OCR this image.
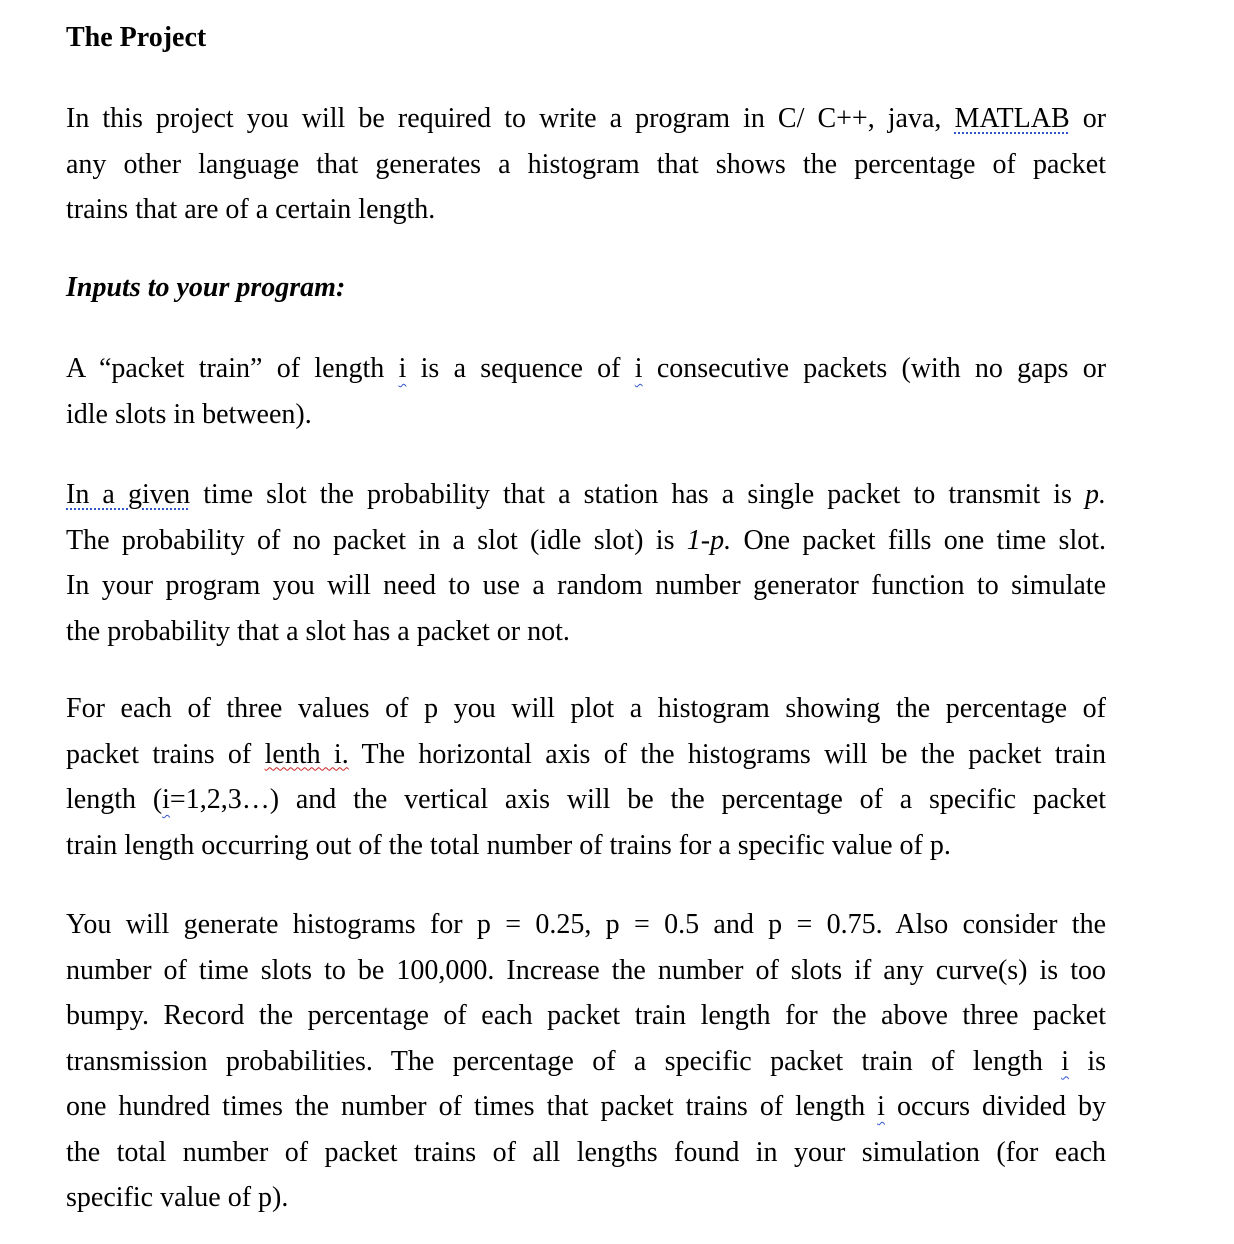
The Project
In this project you will be required to write a program in C/ C++, java, MATLAB or
any other language that generates a histogram that shows the percentage of packet
trains that are of a certain length.
Inputs to your program:
A “packet train” of length i is a sequence of i consecutive packets (with no gaps or
idle slots in between).
In a given time slot the probability that a station has a single packet to transmit is p.
The probability of no packet in a slot (idle slot) is 1-p. One packet fills one time slot.
In your program you will need to use a random number generator function to simulate
the probability that a slot has a packet or not.
For each of three values of p you will plot a histogram showing the percentage of
packet trains of lenth i. The horizontal axis of the histograms will be the packet train
length (i=1,2,3…) and the vertical axis will be the percentage of a specific packet
train length occurring out of the total number of trains for a specific value of p.
You will generate histograms for p = 0.25, p = 0.5 and p = 0.75. Also consider the
number of time slots to be 100,000. Increase the number of slots if any curve(s) is too
bumpy. Record the percentage of each packet train length for the above three packet
transmission probabilities. The percentage of a specific packet train of length i is
one hundred times the number of times that packet trains of length i occurs divided by
the total number of packet trains of all lengths found in your simulation (for each
specific value of p).
